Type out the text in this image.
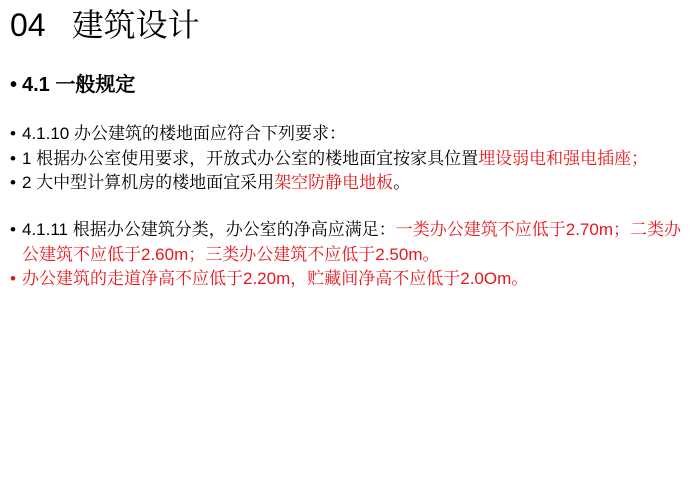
04 建筑设计
• 4.1 一般规定
• 4.1.10 办公建筑的楼地面应符合下列要求：
• 1 根据办公室使用要求，开放式办公室的楼地面宜按家具位置埋设弱电和强电插座；
• 2 大中型计算机房的楼地面宜采用架空防静电地板。
• 4.1.11 根据办公建筑分类，办公室的净高应满足：一类办公建筑不应低于2.70m；二类办公建筑不应低于2.60m；三类办公建筑不应低于2.50m。
• 办公建筑的走道净高不应低于2.20m，贮藏间净高不应低于2.0Om。
